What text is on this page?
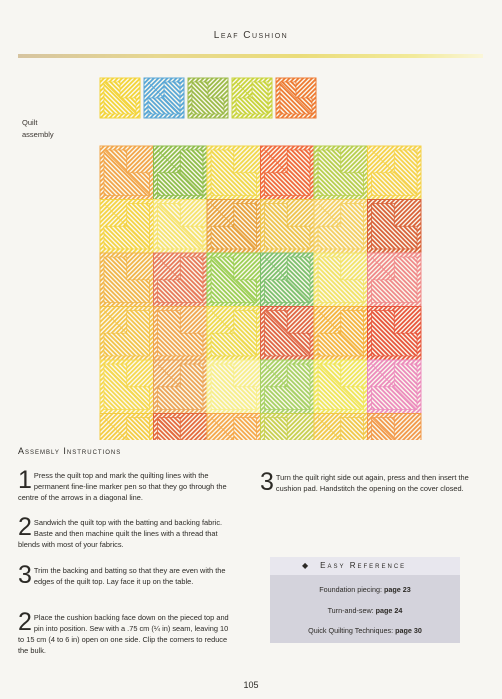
Leaf Cushion
Quilt
assembly
Assembly Instructions
1 Press the quilt top and mark the quilting lines with the permanent fine-line marker pen so that they go through the centre of the arrows in a diagonal line.
2 Sandwich the quilt top with the batting and backing fabric. Baste and then machine quilt the lines with a thread that blends with most of your fabrics.
3 Trim the backing and batting so that they are even with the edges of the quilt top. Lay face it up on the table.
2 Place the cushion backing face down on the pieced top and pin into position. Sew with a .75 cm (¼ in) seam, leaving 10 to 15 cm (4 to 6 in) open on one side. Clip the corners to reduce the bulk.
3 Turn the quilt right side out again, press and then insert the cushion pad. Handstitch the opening on the cover closed.
◆ Easy Reference
Foundation piecing: page 23
Turn-and-sew: page 24
Quick Quilting Techniques: page 30
105
